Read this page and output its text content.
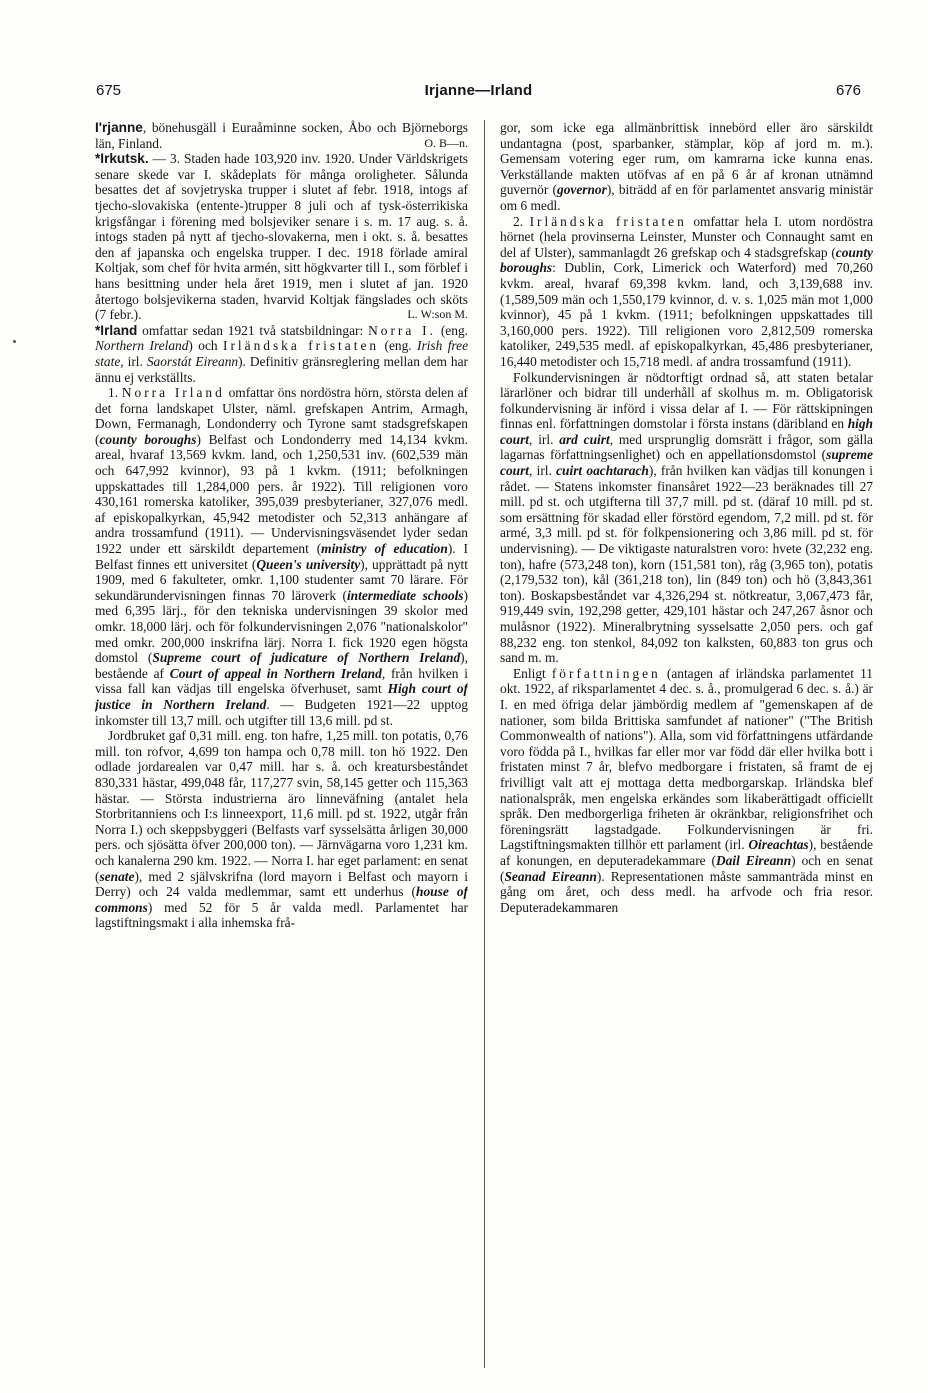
675	Irjanne—Irland	676

I'rjanne, bönehusgäll i Euraåminne socken, Åbo och Björneborgs län, Finland.	O. B—n.

*Irkutsk. — 3. Staden hade 103,920 inv. 1920. Under Världskrigets senare skede var I. skådeplats för många oroligheter. Sålunda besattes det af sovjetryska trupper i slutet af febr. 1918, intogs af tjecho-slovakiska (entente-)trupper 8 juli och af tysk-österrikiska krigsfångar i förening med bolsjeviker senare i s. m. 17 aug. s. å. intogs staden på nytt af tjecho-slovakerna, men i okt. s. å. besattes den af japanska och engelska trupper. I dec. 1918 förlade amiral Koltjak, som chef för hvita armén, sitt högkvarter till I., som förblef i hans besittning under hela året 1919, men i slutet af jan. 1920 återtogo bolsjevikerna staden, hvarvid Koltjak fängslades och sköts (7 febr.).	L. W:son M.

*Irland omfattar sedan 1921 två statsbildningar: Norra I. (eng. Northern Ireland) och Irländska fristaten (eng. Irish free state, irl. Saorstát Eireann). Definitiv gränsreglering mellan dem har ännu ej verkställts.

1. Norra Irland omfattar öns nordöstra hörn, största delen af det forna landskapet Ulster, näml. grefskapen Antrim, Armagh, Down, Fermanagh, Londonderry och Tyrone samt stadsgrefskapen (county boroughs) Belfast och Londonderry med 14,134 kvkm. areal, hvaraf 13,569 kvkm. land, och 1,250,531 inv. (602,539 män och 647,992 kvinnor), 93 på 1 kvkm. (1911; befolkningen uppskattades till 1,284,000 pers. år 1922). Till religionen voro 430,161 romerska katoliker, 395,039 presbyterianer, 327,076 medl. af episkopalkyrkan, 45,942 metodister och 52,313 anhängare af andra trossamfund (1911). — Undervisningsväsendet lyder sedan 1922 under ett särskildt departement (ministry of education). I Belfast finnes ett universitet (Queen's university), upprättadt på nytt 1909, med 6 fakulteter, omkr. 1,100 studenter samt 70 lärare. För sekundärundervisningen finnas 70 läroverk (intermediate schools) med 6,395 lärj., för den tekniska undervisningen 39 skolor med omkr. 18,000 lärj. och för folkundervisningen 2,076 "nationalskolor" med omkr. 200,000 inskrifna lärj. Norra I. fick 1920 egen högsta domstol (Supreme court of judicature of Northern Ireland), bestående af Court of appeal in Northern Ireland, från hvilken i vissa fall kan vädjas till engelska öfverhuset, samt High court of justice in Northern Ireland. — Budgeten 1921—22 upptog inkomster till 13,7 mill. och utgifter till 13,6 mill. pd st.

Jordbruket gaf 0,31 mill. eng. ton hafre, 1,25 mill. ton potatis, 0,76 mill. ton rofvor, 4,699 ton hampa och 0,78 mill. ton hö 1922. Den odlade jordarealen var 0,47 mill. har s. å. och kreatursbeståndet 830,331 hästar, 499,048 får, 117,277 svin, 58,145 getter och 115,363 hästar. — Största industrierna äro linneväfning (antalet hela Storbritanniens och I:s linneexport, 11,6 mill. pd st. 1922, utgår från Norra I.) och skeppsbyggeri (Belfasts varf sysselsätta årligen 30,000 pers. och sjösätta öfver 200,000 ton). — Järnvägarna voro 1,231 km. och kanalerna 290 km. 1922. — Norra I. har eget parlament: en senat (senate), med 2 självskrifna (lord mayorn i Belfast och mayorn i Derry) och 24 valda medlemmar, samt ett underhus (house of commons) med 52 för 5 år valda medl. Parlamentet har lagstiftningsmakt i alla inhemska frå-

gor, som icke ega allmänbrittisk innebörd eller äro särskildt undantagna (post, sparbanker, stämplar, köp af jord m. m.). Gemensam votering eger rum, om kamrarna icke kunna enas. Verkställande makten utöfvas af en på 6 år af kronan utnämnd guvernör (governor), biträdd af en för parlamentet ansvarig ministär om 6 medl.

2. Irländska fristaten omfattar hela I. utom nordöstra hörnet (hela provinserna Leinster, Munster och Connaught samt en del af Ulster), sammanlagdt 26 grefskap och 4 stadsgrefskap (county boroughs: Dublin, Cork, Limerick och Waterford) med 70,260 kvkm. areal, hvaraf 69,398 kvkm. land, och 3,139,688 inv. (1,589,509 män och 1,550,179 kvinnor, d. v. s. 1,025 män mot 1,000 kvinnor), 45 på 1 kvkm. (1911; befolkningen uppskattades till 3,160,000 pers. 1922). Till religionen voro 2,812,509 romerska katoliker, 249,535 medl. af episkopalkyrkan, 45,486 presbyterianer, 16,440 metodister och 15,718 medl. af andra trossamfund (1911).

Folkundervisningen är nödtorftigt ordnad så, att staten betalar lärarlöner och bidrar till underhåll af skolhus m. m. Obligatorisk folkundervisning är införd i vissa delar af I. — För rättskipningen finnas enl. författningen domstolar i första instans (däribland en high court, irl. ard cuirt, med ursprunglig domsrätt i frågor, som gälla lagarnas författningsenlighet) och en appellationsdomstol (supreme court, irl. cuirt oachtarach), från hvilken kan vädjas till konungen i rådet. — Statens inkomster finansåret 1922—23 beräknades till 27 mill. pd st. och utgifterna till 37,7 mill. pd st. (däraf 10 mill. pd st. som ersättning för skadad eller förstörd egendom, 7,2 mill. pd st. för armé, 3,3 mill. pd st. för folkpensionering och 3,86 mill. pd st. för undervisning). — De viktigaste naturalstren voro: hvete (32,232 eng. ton), hafre (573,248 ton), korn (151,581 ton), råg (3,965 ton), potatis (2,179,532 ton), kål (361,218 ton), lin (849 ton) och hö (3,843,361 ton). Boskapsbeståndet var 4,326,294 st. nötkreatur, 3,067,473 får, 919,449 svin, 192,298 getter, 429,101 hästar och 247,267 åsnor och mulåsnor (1922). Mineralbrytning sysselsatte 2,050 pers. och gaf 88,232 eng. ton stenkol, 84,092 ton kalksten, 60,883 ton grus och sand m. m.

Enligt författningen (antagen af irländska parlamentet 11 okt. 1922, af riksparlamentet 4 dec. s. å., promulgerad 6 dec. s. å.) är I. en med öfriga delar jämbördig medlem af "gemenskapen af de nationer, som bilda Brittiska samfundet af nationer" ("The British Commonwealth of nations"). Alla, som vid författningens utfärdande voro födda på I., hvilkas far eller mor var född där eller hvilka bott i fristaten minst 7 år, blefvo medborgare i fristaten, så framt de ej frivilligt valt att ej mottaga detta medborgarskap. Irländska blef nationalspråk, men engelska erkändes som likaberättigadt officiellt språk. Den medborgerliga friheten är okränkbar, religionsfrihet och föreningsrätt lagstadgade. Folkundervisningen är fri. Lagstiftningsmakten tillhör ett parlament (irl. Oireachtas), bestående af konungen, en deputeradekammare (Dail Eireann) och en senat (Seanad Eireann). Representationen måste sammanträda minst en gång om året, och dess medl. ha arfvode och fria resor. Deputeradekammaren
